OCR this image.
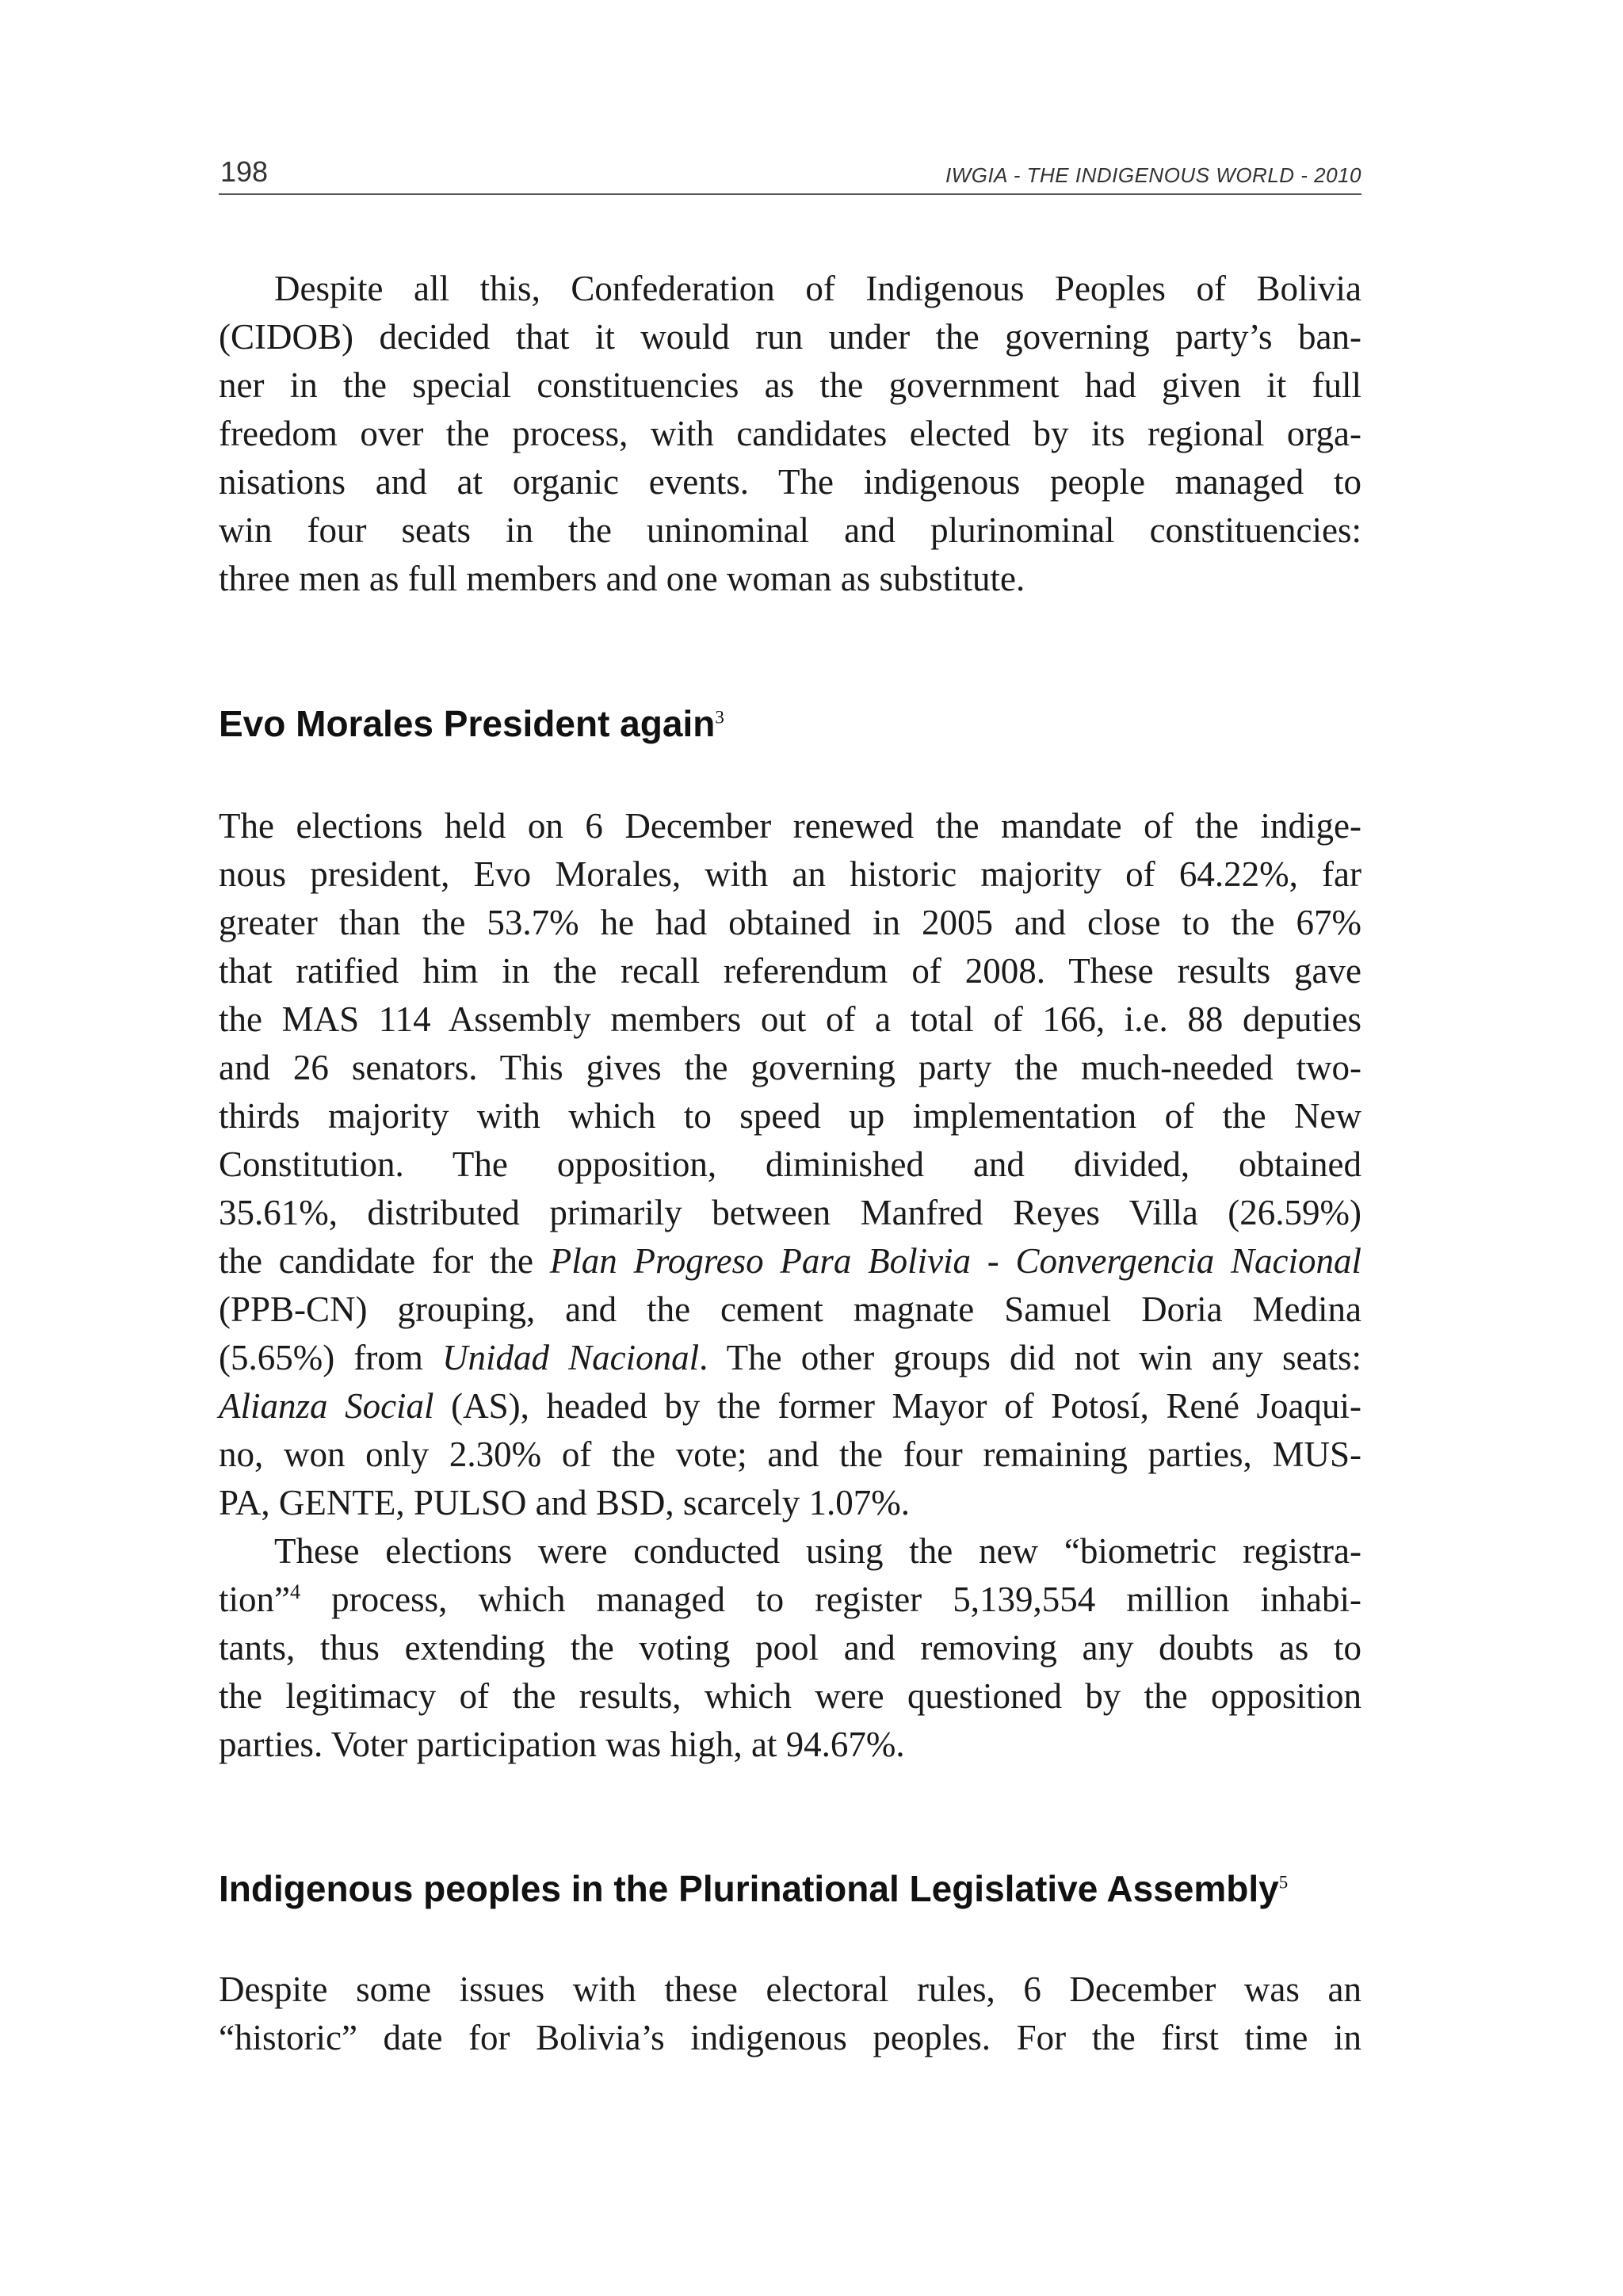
198	IWGIA - THE INDIGENOUS WORLD - 2010
Despite all this, Confederation of Indigenous Peoples of Bolivia
(CIDOB) decided that it would run under the governing party’s ban-
ner in the special constituencies as the government had given it full
freedom over the process, with candidates elected by its regional orga-
nisations and at organic events. The indigenous people managed to
win four seats in the uninominal and plurinominal constituencies:
three men as full members and one woman as substitute.
Evo Morales President again$^3$
The elections held on 6 December renewed the mandate of the indige-
nous president, Evo Morales, with an historic majority of 64.22%, far
greater than the 53.7% he had obtained in 2005 and close to the 67%
that ratified him in the recall referendum of 2008. These results gave
the MAS 114 Assembly members out of a total of 166, i.e. 88 deputies
and 26 senators. This gives the governing party the much-needed two-
thirds majority with which to speed up implementation of the New
Constitution. The opposition, diminished and divided, obtained
35.61%, distributed primarily between Manfred Reyes Villa (26.59%)
the candidate for the Plan Progreso Para Bolivia - Convergencia Nacional
(PPB-CN) grouping, and the cement magnate Samuel Doria Medina
(5.65%) from Unidad Nacional. The other groups did not win any seats:
Alianza Social (AS), headed by the former Mayor of Potosí, René Joaqui-
no, won only 2.30% of the vote; and the four remaining parties, MUS-
PA, GENTE, PULSO and BSD, scarcely 1.07%.
These elections were conducted using the new “biometric registra-
tion”$^4$ process, which managed to register 5,139,554 million inhabi-
tants, thus extending the voting pool and removing any doubts as to
the legitimacy of the results, which were questioned by the opposition
parties. Voter participation was high, at 94.67%.
Indigenous peoples in the Plurinational Legislative Assembly$^5$
Despite some issues with these electoral rules, 6 December was an
“historic” date for Bolivia’s indigenous peoples. For the first time in
